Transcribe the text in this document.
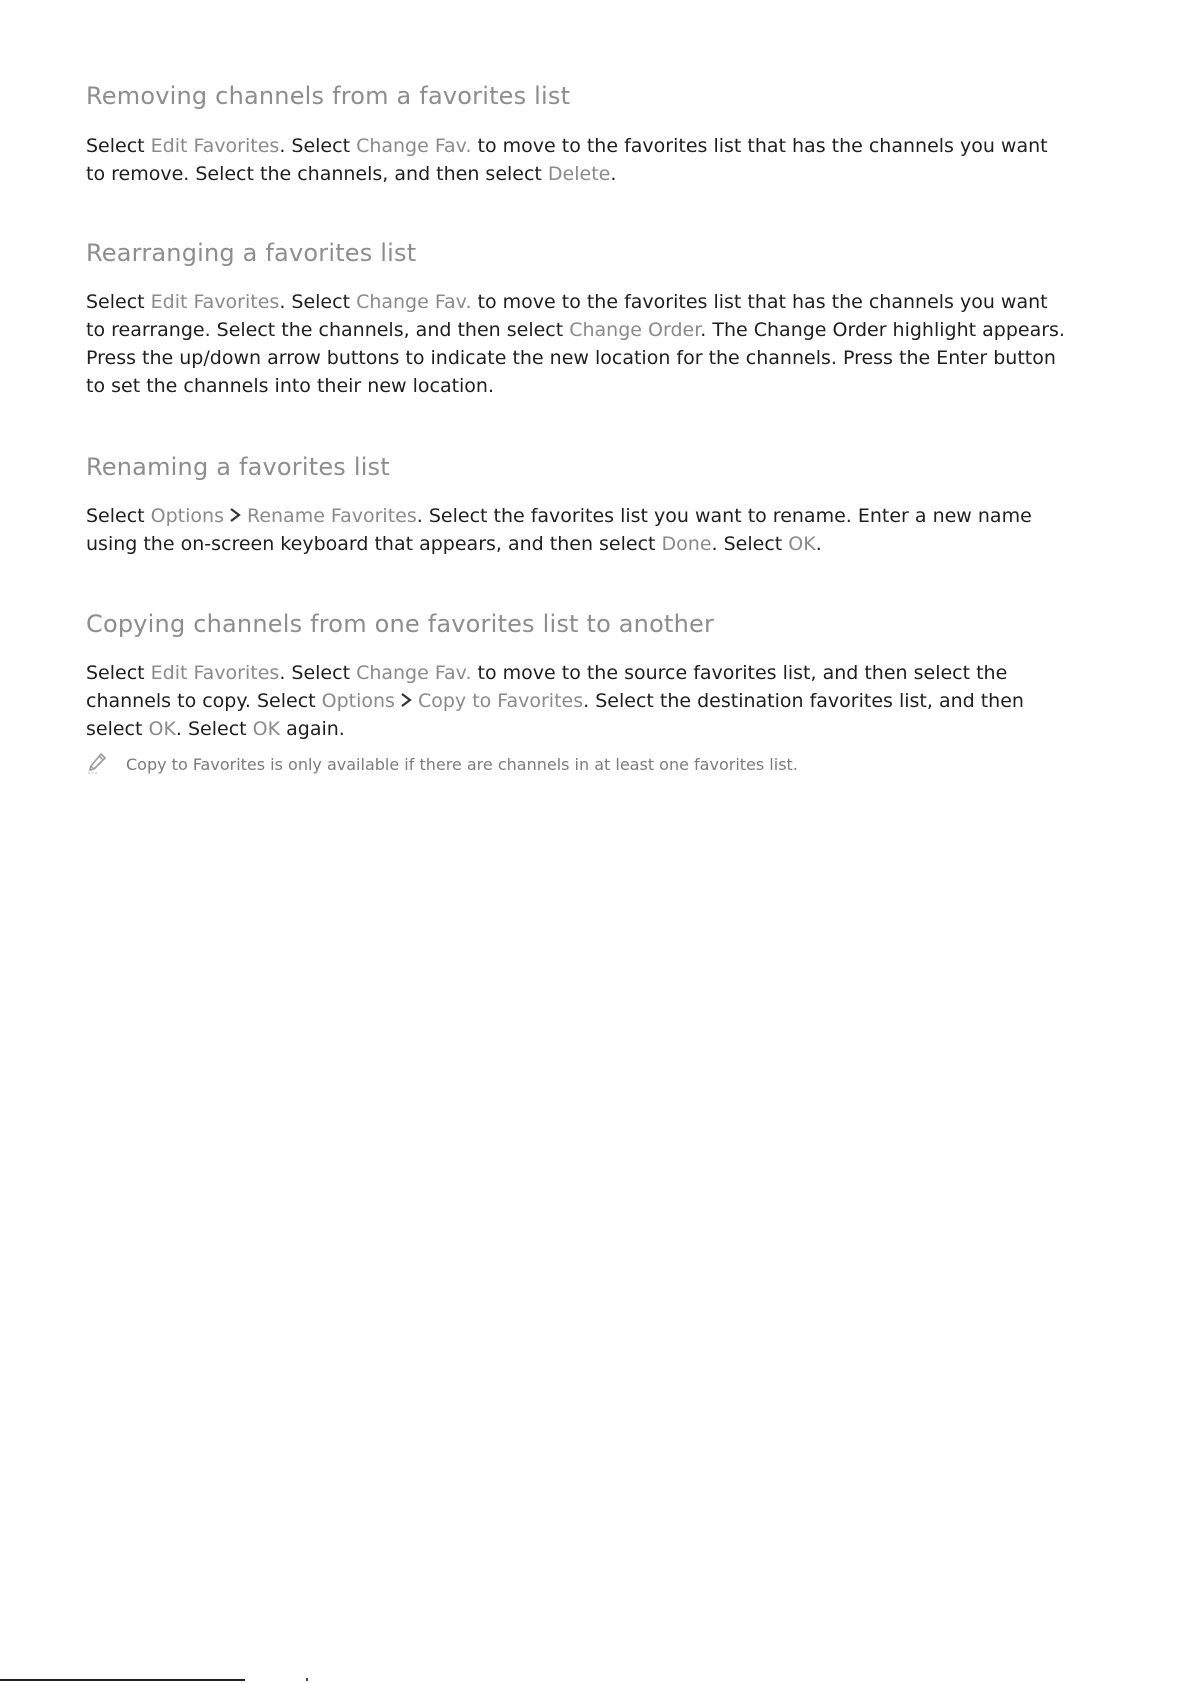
Removing channels from a favorites list
Select Edit Favorites. Select Change Fav. to move to the favorites list that has the channels you want
to remove. Select the channels, and then select Delete.
Rearranging a favorites list
Select Edit Favorites. Select Change Fav. to move to the favorites list that has the channels you want
to rearrange. Select the channels, and then select Change Order. The Change Order highlight appears.
Press the up/down arrow buttons to indicate the new location for the channels. Press the Enter button
to set the channels into their new location.
Renaming a favorites list
Select Options Rename Favorites. Select the favorites list you want to rename. Enter a new name
using the on-screen keyboard that appears, and then select Done. Select OK.
Copying channels from one favorites list to another
Select Edit Favorites. Select Change Fav. to move to the source favorites list, and then select the
channels to copy. Select Options Copy to Favorites. Select the destination favorites list, and then
select OK. Select OK again.
Copy to Favorites is only available if there are channels in at least one favorites list.
